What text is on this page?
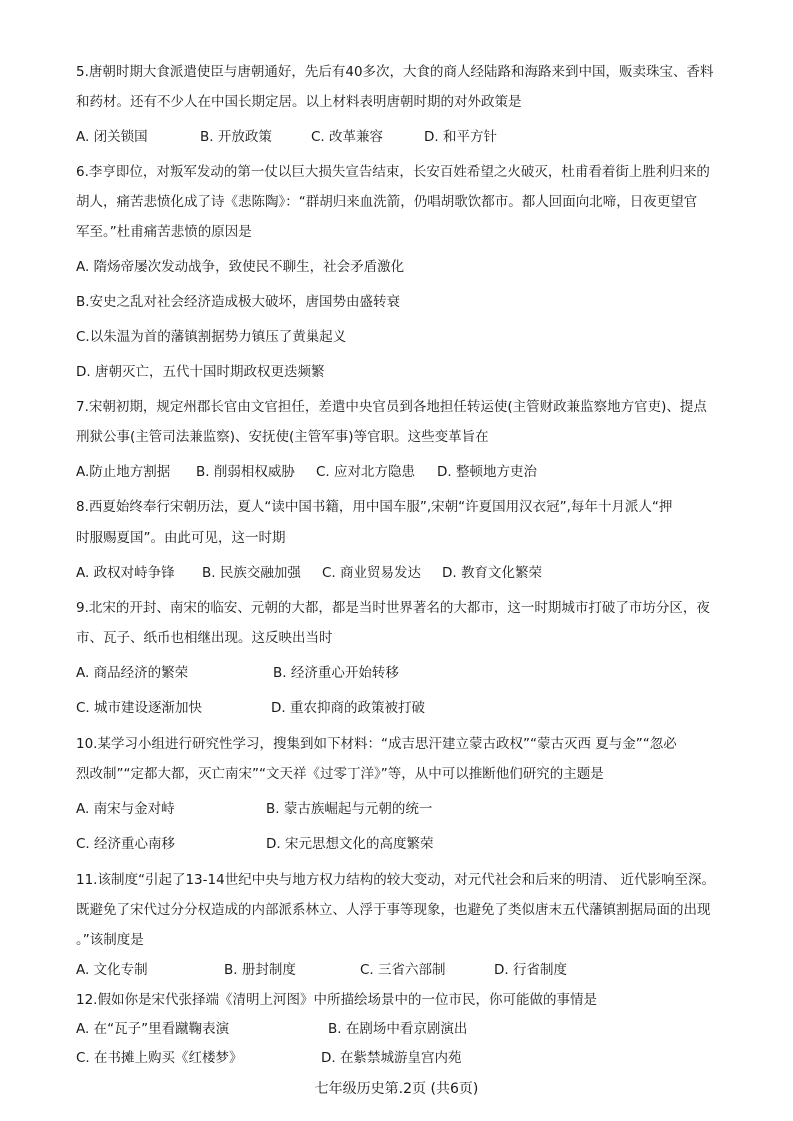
5.唐朝时期大食派遣使臣与唐朝通好，先后有40多次，大食的商人经陆路和海路来到中国，贩卖珠宝、香料
和药材。还有不少人在中国长期定居。以上材料表明唐朝时期的对外政策是
A. 闭关锁国	B. 开放政策	C. 改革兼容	D. 和平方针
6.李亨即位，对叛军发动的第一仗以巨大损失宣告结束，长安百姓希望之火破灭，杜甫看着街上胜利归来的
胡人，痛苦悲愤化成了诗《悲陈陶》：“群胡归来血洗箭，仍唱胡歌饮都市。都人回面向北啼，日夜更望官
军至。”杜甫痛苦悲愤的原因是
A. 隋炀帝屡次发动战争，致使民不聊生，社会矛盾激化
B.安史之乱对社会经济造成极大破坏，唐国势由盛转衰
C.以朱温为首的藩镇割据势力镇压了黄巢起义
D. 唐朝灭亡，五代十国时期政权更迭频繁
7.宋朝初期，规定州郡长官由文官担任，差遣中央官员到各地担任转运使(主管财政兼监察地方官吏)、提点
刑狱公事(主管司法兼监察)、安抚使(主管军事)等官职。这些变革旨在
A.防止地方割据 B. 削弱相权威胁 C. 应对北方隐患 D. 整顿地方吏治
8.西夏始终奉行宋朝历法，夏人“读中国书籍，用中国车服”,宋朝“许夏国用汉衣冠”,每年十月派人“押
时服赐夏国”。由此可见，这一时期
A. 政权对峙争锋 B. 民族交融加强 C. 商业贸易发达 D. 教育文化繁荣
9.北宋的开封、南宋的临安、元朝的大都，都是当时世界著名的大都市，这一时期城市打破了市坊分区，夜
市、瓦子、纸币也相继出现。这反映出当时
A. 商品经济的繁荣	B. 经济重心开始转移
C. 城市建设逐渐加快	D. 重农抑商的政策被打破
10.某学习小组进行研究性学习，搜集到如下材料：“成吉思汗建立蒙古政权”“蒙古灭西 夏与金”“忽必
烈改制”“定都大都，灭亡南宋”“文天祥《过零丁洋》”等，从中可以推断他们研究的主题是
A. 南宋与金对峙	B. 蒙古族崛起与元朝的统一
C. 经济重心南移	D. 宋元思想文化的高度繁荣
11.该制度“引起了13-14世纪中央与地方权力结构的较大变动，对元代社会和后来的明清、 近代影响至深。
既避免了宋代过分分权造成的内部派系林立、人浮于事等现象，也避免了类似唐末五代藩镇割据局面的出现
。”该制度是
A. 文化专制	B. 册封制度	C. 三省六部制	D. 行省制度
12.假如你是宋代张择端《清明上河图》中所描绘场景中的一位市民，你可能做的事情是
A. 在“瓦子”里看蹴鞠表演	B. 在剧场中看京剧演出
C. 在书摊上购买《红楼梦》	D. 在紫禁城游皇宫内苑
七年级历史第.2页 (共6页)
